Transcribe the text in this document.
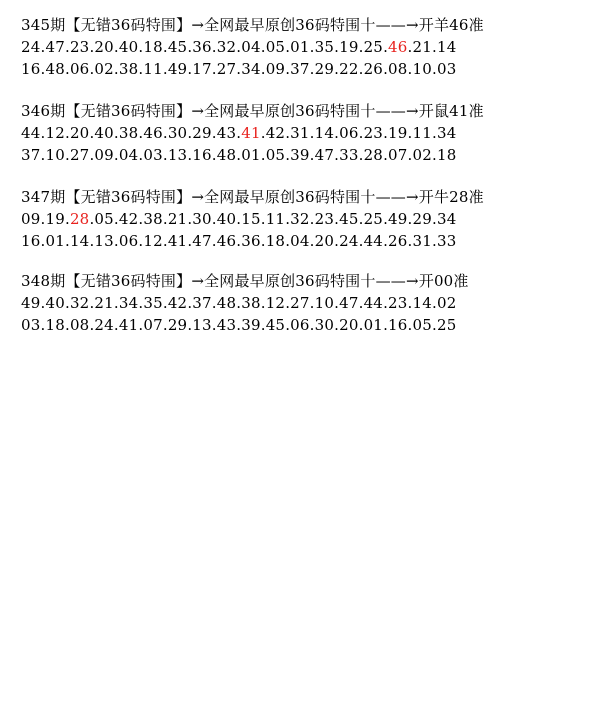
345期【无错36码特围】→全网最早原创36码特围十——→开羊46准
24.47.23.20.40.18.45.36.32.04.05.01.35.19.25.46.21.14
16.48.06.02.38.11.49.17.27.34.09.37.29.22.26.08.10.03
346期【无错36码特围】→全网最早原创36码特围十——→开鼠41准
44.12.20.40.38.46.30.29.43.41.42.31.14.06.23.19.11.34
37.10.27.09.04.03.13.16.48.01.05.39.47.33.28.07.02.18
347期【无错36码特围】→全网最早原创36码特围十——→开牛28准
09.19.28.05.42.38.21.30.40.15.11.32.23.45.25.49.29.34
16.01.14.13.06.12.41.47.46.36.18.04.20.24.44.26.31.33
348期【无错36码特围】→全网最早原创36码特围十——→开00准
49.40.32.21.34.35.42.37.48.38.12.27.10.47.44.23.14.02
03.18.08.24.41.07.29.13.43.39.45.06.30.20.01.16.05.25
